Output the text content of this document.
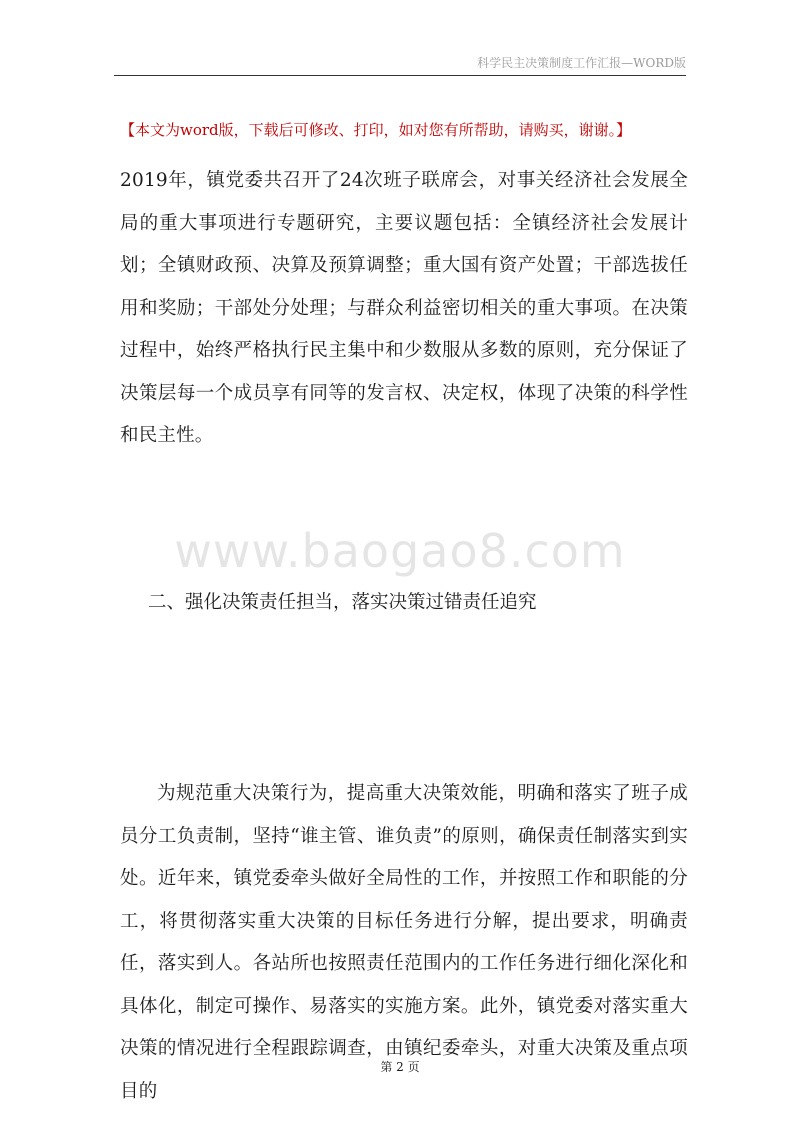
科学民主决策制度工作汇报—WORD版
【本文为word版，下载后可修改、打印，如对您有所帮助，请购买，谢谢。】
2019年，镇党委共召开了24次班子联席会，对事关经济社会发展全局的重大事项进行专题研究，主要议题包括：全镇经济社会发展计划；全镇财政预、决算及预算调整；重大国有资产处置；干部选拔任用和奖励；干部处分处理；与群众利益密切相关的重大事项。在决策过程中，始终严格执行民主集中和少数服从多数的原则，充分保证了决策层每一个成员享有同等的发言权、决定权，体现了决策的科学性和民主性。
www.baogao8.com
二、强化决策责任担当，落实决策过错责任追究
为规范重大决策行为，提高重大决策效能，明确和落实了班子成员分工负责制，坚持“谁主管、谁负责”的原则，确保责任制落实到实处。近年来，镇党委牵头做好全局性的工作，并按照工作和职能的分工，将贯彻落实重大决策的目标任务进行分解，提出要求，明确责任，落实到人。各站所也按照责任范围内的工作任务进行细化深化和具体化，制定可操作、易落实的实施方案。此外，镇党委对落实重大决策的情况进行全程跟踪调查，由镇纪委牵头，对重大决策及重点项目的
第 2 页
